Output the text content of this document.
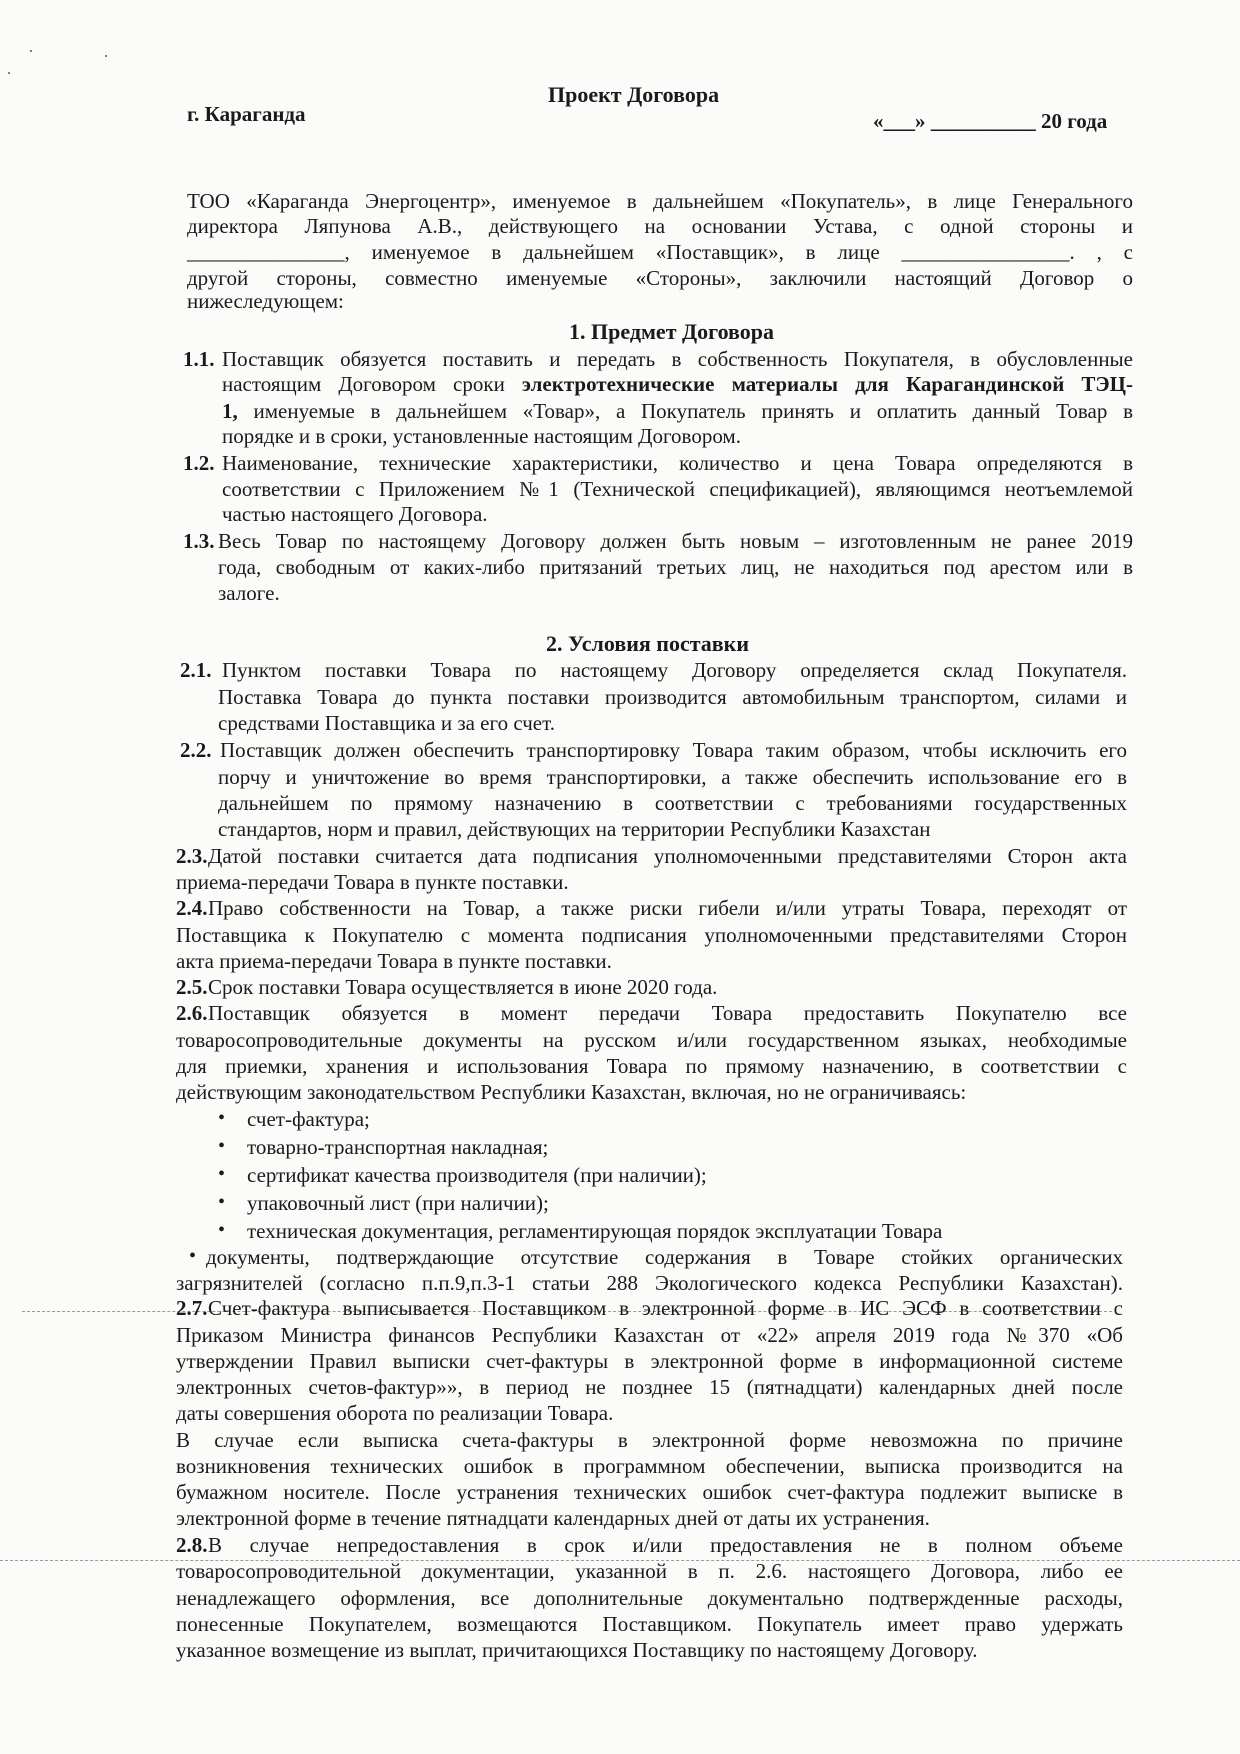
Проект Договора
г. Караганда	«___» __________ 20 года
ТОО «Караганда Энергоцентр», именуемое в дальнейшем «Покупатель», в лице Генерального
директора Ляпунова А.В., действующего на основании Устава, с одной стороны и
_______________, именуемое в дальнейшем «Поставщик», в лице ________________. , с
другой стороны, совместно именуемые «Стороны», заключили настоящий Договор о
нижеследующем:
1. Предмет Договора
1.1. Поставщик обязуется поставить и передать в собственность Покупателя, в обусловленные
настоящим Договором сроки электротехнические материалы для Карагандинской ТЭЦ-
1, именуемые в дальнейшем «Товар», а Покупатель принять и оплатить данный Товар в
порядке и в сроки, установленные настоящим Договором.
1.2. Наименование, технические характеристики, количество и цена Товара определяются в
соответствии с Приложением №1 (Технической спецификацией), являющимся неотъемлемой
частью настоящего Договора.
1.3. Весь Товар по настоящему Договору должен быть новым – изготовленным не ранее 2019
года, свободным от каких-либо притязаний третьих лиц, не находиться под арестом или в
залоге.
2. Условия поставки
2.1. Пунктом поставки Товара по настоящему Договору определяется склад Покупателя.
Поставка Товара до пункта поставки производится автомобильным транспортом, силами и
средствами Поставщика и за его счет.
2.2. Поставщик должен обеспечить транспортировку Товара таким образом, чтобы исключить его
порчу и уничтожение во время транспортировки, а также обеспечить использование его в
дальнейшем по прямому назначению в соответствии с требованиями государственных
стандартов, норм и правил, действующих на территории Республики Казахстан
2.3. Датой поставки считается дата подписания уполномоченными представителями Сторон акта
приема-передачи Товара в пункте поставки.
2.4. Право собственности на Товар, а также риски гибели и/или утраты Товара, переходят от
Поставщика к Покупателю с момента подписания уполномоченными представителями Сторон
акта приема-передачи Товара в пункте поставки.
2.5. Срок поставки Товара осуществляется в июне 2020 года.
2.6. Поставщик обязуется в момент передачи Товара предоставить Покупателю все
товаросопроводительные документы на русском и/или государственном языках, необходимые
для приемки, хранения и использования Товара по прямому назначению, в соответствии с
действующим законодательством Республики Казахстан, включая, но не ограничиваясь:
• счет-фактура;
• товарно-транспортная накладная;
• сертификат качества производителя (при наличии);
• упаковочный лист (при наличии);
• техническая документация, регламентирующая порядок эксплуатации Товара
• документы, подтверждающие отсутствие содержания в Товаре стойких органических
загрязнителей (согласно п.п.9,п.3-1 статьи 288 Экологического кодекса Республики Казахстан).
2.7. Счет-фактура выписывается Поставщиком в электронной форме в ИС ЭСФ в соответствии с
Приказом Министра финансов Республики Казахстан от «22» апреля 2019 года №370 «Об
утверждении Правил выписки счет-фактуры в электронной форме в информационной системе
электронных счетов-фактур»», в период не позднее 15 (пятнадцати) календарных дней после
даты совершения оборота по реализации Товара.
В случае если выписка счета-фактуры в электронной форме невозможна по причине
возникновения технических ошибок в программном обеспечении, выписка производится на
бумажном носителе. После устранения технических ошибок счет-фактура подлежит выписке в
электронной форме в течение пятнадцати календарных дней от даты их устранения.
2.8. В случае непредоставления в срок и/или предоставления не в полном объеме
товаросопроводительной документации, указанной в п. 2.6. настоящего Договора, либо ее
ненадлежащего оформления, все дополнительные документально подтвержденные расходы,
понесенные Покупателем, возмещаются Поставщиком. Покупатель имеет право удержать
указанное возмещение из выплат, причитающихся Поставщику по настоящему Договору.
